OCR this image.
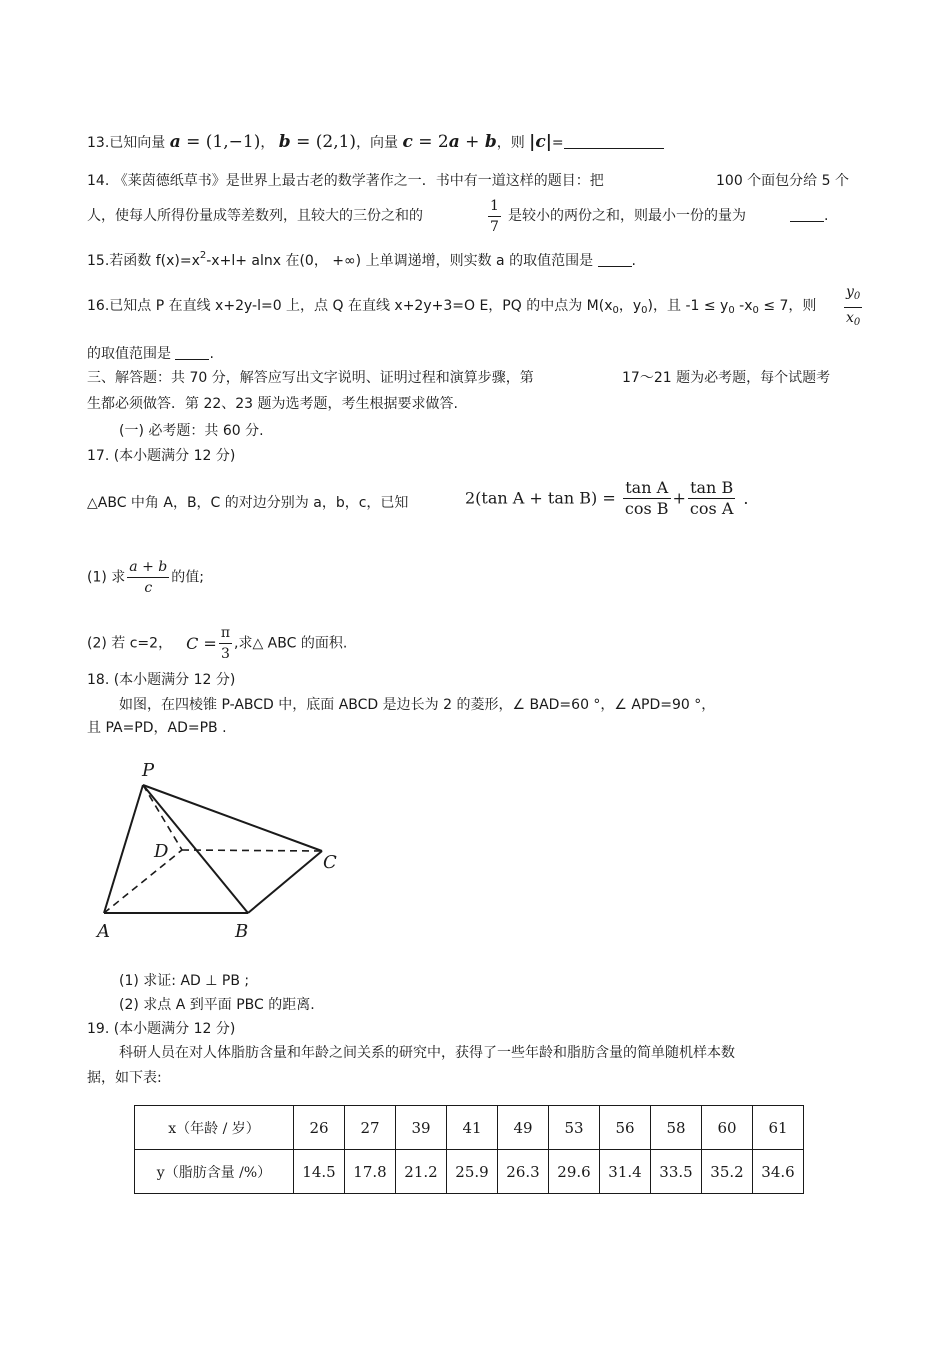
13.已知向量 a = (1,−1)， b = (2,1)，向量 c = 2a + b，则 |c|=
14. 《莱茵德纸草书》是世界上最古老的数学著作之一．书中有一道这样的题目：把	100 个面包分给 5 个
人，使每人所得份量成等差数列，且较大的三份之和的	$\frac{1}{7}$ 是较小的两份之和，则最小一份的量为	.
15.若函数 $f(x)=x^2-x+l+ alnx$ 在(0， +∞) 上单调递增，则实数 a 的取值范围是	.
16.已知点 P 在直线 x+2y-l=0 上，点 Q 在直线 x+2y+3=O E，PQ 的中点为 $M(x_0$，$y_0$)，且 $-1 \le y_0$ $-x_0 \le 7$，则 $\frac{y_0}{x_0}$
的取值范围是	.
三、解答题：共 70 分，解答应写出文字说明、证明过程和演算步骤，第	17～21 题为必考题，每个试题考
生都必须做答．第 22、23 题为选考题，考生根据要求做答.
(一) 必考题：共 60 分.
17. (本小题满分 12 分)
△ABC 中角 A，B，C 的对边分别为 a，b，c，已知	2(tan $A + \tan B) = \frac{\text{tan A}}{\text{cos B}} + \frac{\text{tan B}}{\text{cos A}}$ .
(1) 求 $\frac{a + b}{c}$ 的值;
(2) 若 c=2， $C = \frac{\pi}{3}$ ,求△ ABC 的面积.
18. (本小题满分 12 分)
如图，在四棱锥 P-ABCD 中，底面 ABCD 是边长为 2 的菱形，∠ BAD=60 °，∠ APD=90 °，
且 PA=PD，AD=PB .
P
D
C
A	B
(1) 求证: AD ⊥ PB ;
(2) 求点 A 到平面 PBC 的距离.
19. (本小题满分 12 分)
科研人员在对人体脂肪含量和年龄之间关系的研究中，获得了一些年龄和脂肪含量的简单随机样本数
据，如下表:
x（年龄 / 岁）	26	27	39	41	49	53	56	58	60	61
y（脂肪含量 /%）	14.5	17.8	21.2	25.9	26.3	29.6	31.4	33.5	35.2	34.6
